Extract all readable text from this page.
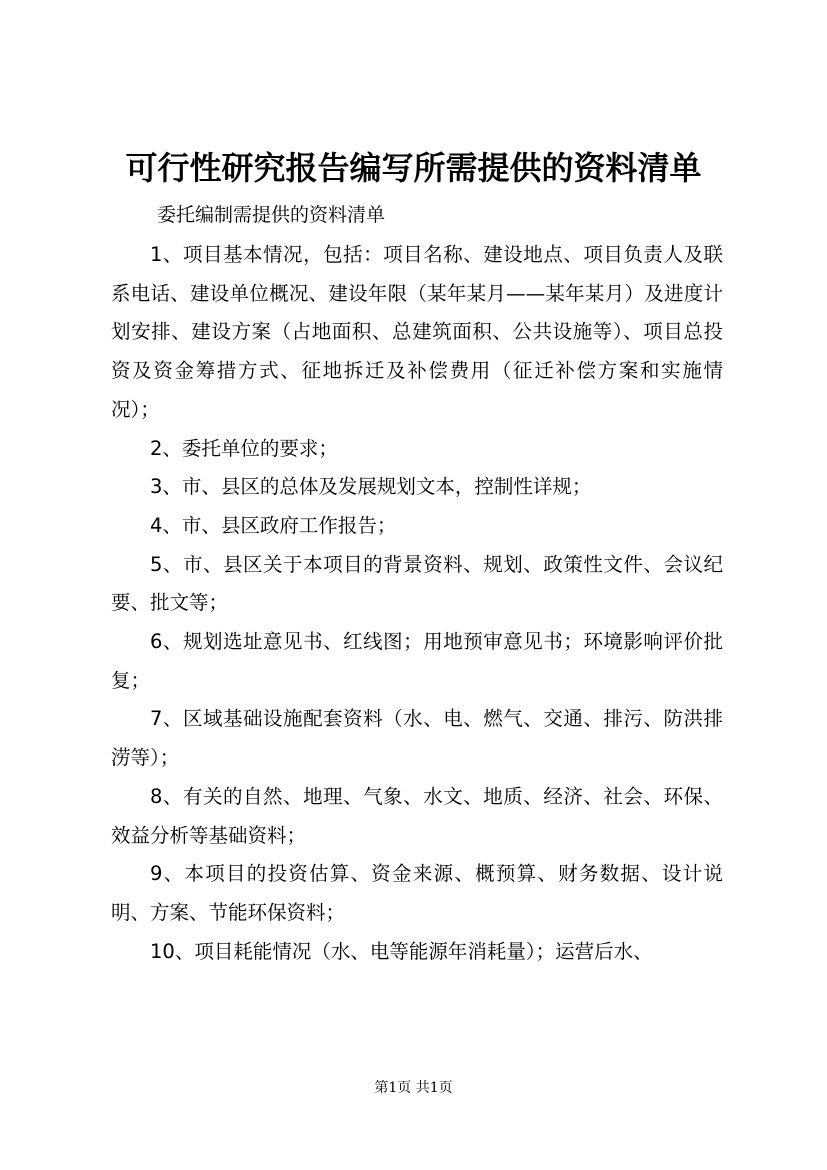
可行性研究报告编写所需提供的资料清单
委托编制需提供的资料清单

1、项目基本情况，包括：项目名称、建设地点、项目负责人及联系电话、建设单位概况、建设年限（某年某月——某年某月）及进度计划安排、建设方案（占地面积、总建筑面积、公共设施等）、项目总投资及资金筹措方式、征地拆迁及补偿费用（征迁补偿方案和实施情况）；

2、委托单位的要求；

3、市、县区的总体及发展规划文本，控制性详规；

4、市、县区政府工作报告；

5、市、县区关于本项目的背景资料、规划、政策性文件、会议纪要、批文等；

6、规划选址意见书、红线图；用地预审意见书；环境影响评价批复；

7、区域基础设施配套资料（水、电、燃气、交通、排污、防洪排涝等）；

8、有关的自然、地理、气象、水文、地质、经济、社会、环保、效益分析等基础资料；

9、本项目的投资估算、资金来源、概预算、财务数据、设计说明、方案、节能环保资料；

10、项目耗能情况（水、电等能源年消耗量）；运营后水、

第1页 共1页
